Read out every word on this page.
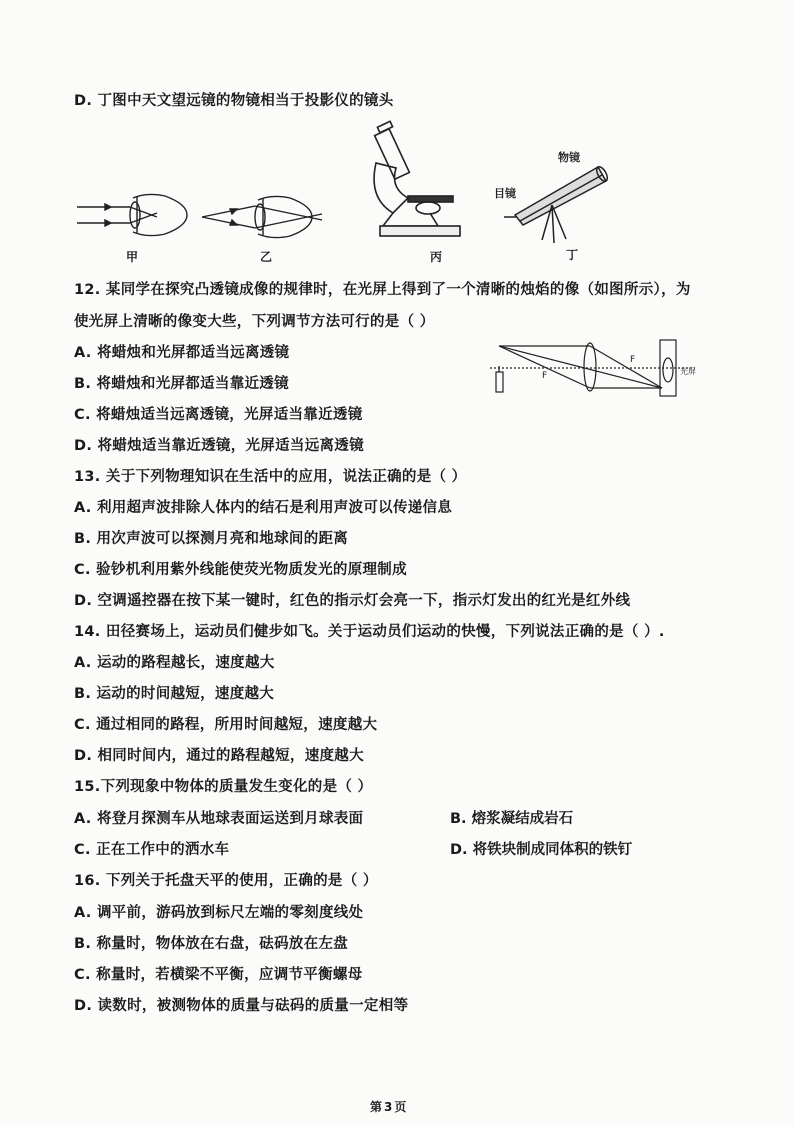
D. 丁图中天文望远镜的物镜相当于投影仪的镜头
甲	乙	丙
物镜
目镜
丁
12. 某同学在探究凸透镜成像的规律时，在光屏上得到了一个清晰的烛焰的像（如图所示），为
使光屏上清晰的像变大些，下列调节方法可行的是（ ）
A. 将蜡烛和光屏都适当远离透镜
B. 将蜡烛和光屏都适当靠近透镜
C. 将蜡烛适当远离透镜，光屏适当靠近透镜
D. 将蜡烛适当靠近透镜，光屏适当远离透镜
F
F	光屏
13. 关于下列物理知识在生活中的应用，说法正确的是（ ）
A. 利用超声波排除人体内的结石是利用声波可以传递信息
B. 用次声波可以探测月亮和地球间的距离
C. 验钞机利用紫外线能使荧光物质发光的原理制成
D. 空调遥控器在按下某一键时，红色的指示灯会亮一下，指示灯发出的红光是红外线
14. 田径赛场上，运动员们健步如飞。关于运动员们运动的快慢，下列说法正确的是（ ）.
A. 运动的路程越长，速度越大
B. 运动的时间越短，速度越大
C. 通过相同的路程，所用时间越短，速度越大
D. 相同时间内，通过的路程越短，速度越大
15.下列现象中物体的质量发生变化的是（ ）
A. 将登月探测车从地球表面运送到月球表面	B. 熔浆凝结成岩石
C. 正在工作中的洒水车	D. 将铁块制成同体积的铁钉
16. 下列关于托盘天平的使用，正确的是（ ）
A. 调平前，游码放到标尺左端的零刻度线处
B. 称量时，物体放在右盘，砝码放在左盘
C. 称量时，若横梁不平衡，应调节平衡螺母
D. 读数时，被测物体的质量与砝码的质量一定相等
第3页
